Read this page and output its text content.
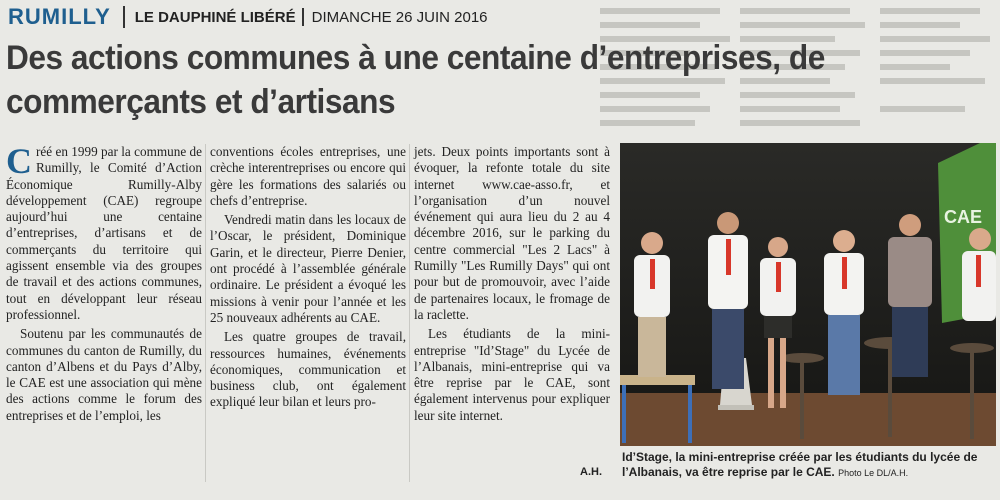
RUMILLY LE DAUPHINÉ LIBÉRÉ DIMANCHE 26 JUIN 2016
Des actions communes à une centaine d’entreprises, de commerçants et d’artisans

Créé en 1999 par la commune de Rumilly, le Comité d’Action Économique Rumilly-Alby développement (CAE) regroupe aujourd’hui une centaine d’entreprises, d’artisans et de commerçants du territoire qui agissent ensemble via des groupes de travail et des actions communes, tout en développant leur réseau professionnel.

Soutenu par les communautés de communes du canton de Rumilly, du canton d’Albens et du Pays d’Alby, le CAE est une association qui mène des actions comme le forum des entreprises et de l’emploi, les

conventions écoles entreprises, une crèche interentreprises ou encore qui gère les formations des salariés ou chefs d’entreprise.

Vendredi matin dans les locaux de l’Oscar, le président, Dominique Garin, et le directeur, Pierre Denier, ont procédé à l’assemblée générale ordinaire. Le président a évoqué les missions à venir pour l’année et les 25 nouveaux adhérents au CAE.

Les quatre groupes de travail, ressources humaines, événements économiques, communication et business club, ont également expliqué leur bilan et leurs pro-

jets. Deux points importants sont à évoquer, la refonte totale du site internet www.cae-asso.fr, et l’organisation d’un nouvel événement qui aura lieu du 2 au 4 décembre 2016, sur le parking du centre commercial "Les 2 Lacs" à Rumilly "Les Rumilly Days" qui ont pour but de promouvoir, avec l’aide de partenaires locaux, le fromage de la raclette.

Les étudiants de la mini-entreprise "Id’Stage" du Lycée de l’Albanais, mini-entreprise qui va être reprise par le CAE, sont également intervenus pour expliquer leur site internet.

A.H.
CAE
Id’Stage, la mini-entreprise créée par les étudiants du lycée de l’Albanais, va être reprise par le CAE. Photo Le DL/A.H.
